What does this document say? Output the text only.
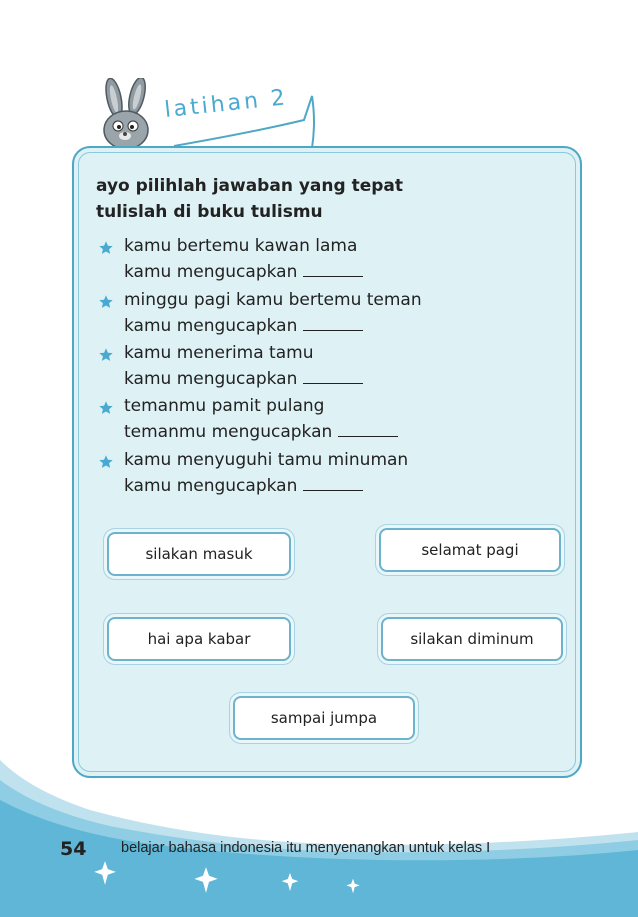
latihan 2
ayo pilihlah jawaban yang tepat
tulislah di buku tulismu
kamu bertemu kawan lama
kamu mengucapkan
minggu pagi kamu bertemu teman
kamu mengucapkan
kamu menerima tamu
kamu mengucapkan
temanmu pamit pulang
temanmu mengucapkan
kamu menyuguhi tamu minuman
kamu mengucapkan
silakan masuk	selamat pagi
hai apa kabar	silakan diminum
sampai jumpa
54 belajar bahasa indonesia itu menyenangkan untuk kelas I
